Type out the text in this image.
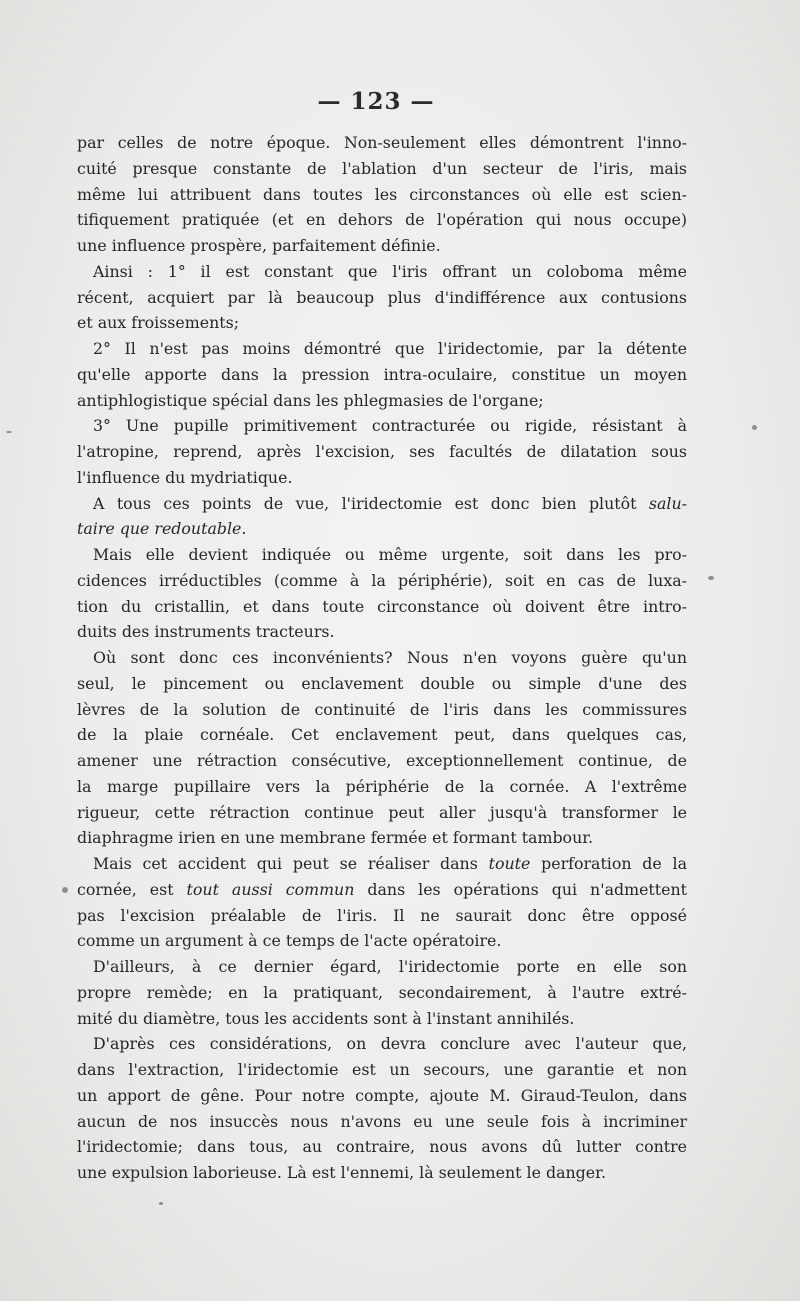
— 123 —
par celles de notre époque. Non-seulement elles démontrent l'inno-
cuité presque constante de l'ablation d'un secteur de l'iris, mais
même lui attribuent dans toutes les circonstances où elle est scien-
tifiquement pratiquée (et en dehors de l'opération qui nous occupe)
une influence prospère, parfaitement définie.
Ainsi : 1° il est constant que l'iris offrant un coloboma même
récent, acquiert par là beaucoup plus d'indifférence aux contusions
et aux froissements;
2° Il n'est pas moins démontré que l'iridectomie, par la détente
qu'elle apporte dans la pression intra-oculaire, constitue un moyen
antiphlogistique spécial dans les phlegmasies de l'organe;
3° Une pupille primitivement contracturée ou rigide, résistant à
l'atropine, reprend, après l'excision, ses facultés de dilatation sous
l'influence du mydriatique.
A tous ces points de vue, l'iridectomie est donc bien plutôt salu-
taire que redoutable.
Mais elle devient indiquée ou même urgente, soit dans les pro-
cidences irréductibles (comme à la périphérie), soit en cas de luxa-
tion du cristallin, et dans toute circonstance où doivent être intro-
duits des instruments tracteurs.
Où sont donc ces inconvénients? Nous n'en voyons guère qu'un
seul, le pincement ou enclavement double ou simple d'une des
lèvres de la solution de continuité de l'iris dans les commissures
de la plaie cornéale. Cet enclavement peut, dans quelques cas,
amener une rétraction consécutive, exceptionnellement continue, de
la marge pupillaire vers la périphérie de la cornée. A l'extrême
rigueur, cette rétraction continue peut aller jusqu'à transformer le
diaphragme irien en une membrane fermée et formant tambour.
Mais cet accident qui peut se réaliser dans toute perforation de la
cornée, est tout aussi commun dans les opérations qui n'admettent
pas l'excision préalable de l'iris. Il ne saurait donc être opposé
comme un argument à ce temps de l'acte opératoire.
D'ailleurs, à ce dernier égard, l'iridectomie porte en elle son
propre remède; en la pratiquant, secondairement, à l'autre extré-
mité du diamètre, tous les accidents sont à l'instant annihilés.
D'après ces considérations, on devra conclure avec l'auteur que,
dans l'extraction, l'iridectomie est un secours, une garantie et non
un apport de gêne. Pour notre compte, ajoute M. Giraud-Teulon, dans
aucun de nos insuccès nous n'avons eu une seule fois à incriminer
l'iridectomie; dans tous, au contraire, nous avons dû lutter contre
une expulsion laborieuse. Là est l'ennemi, là seulement le danger.
